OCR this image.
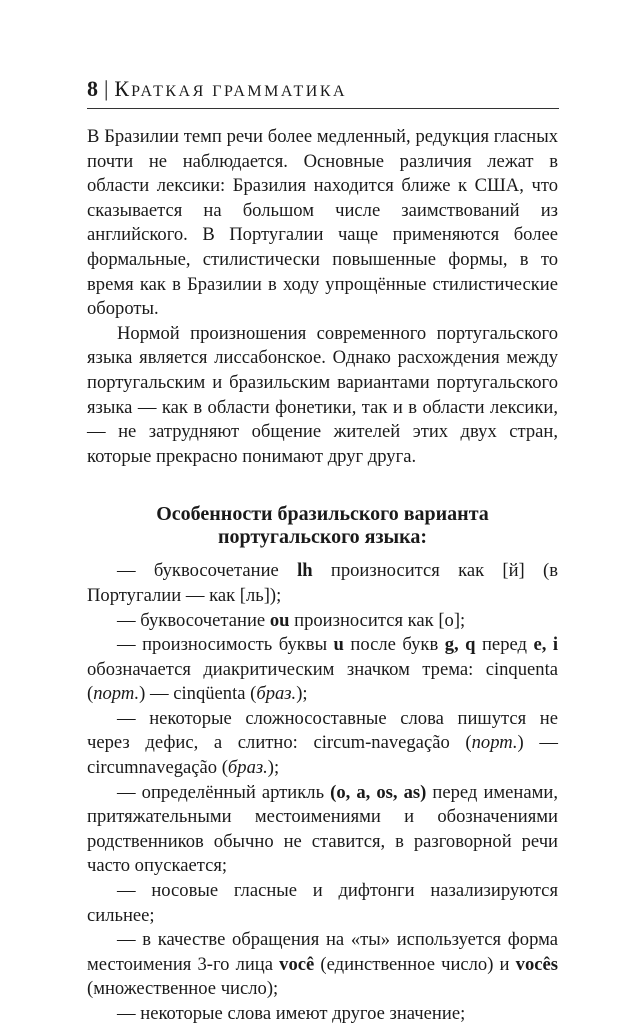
8 | КРАТКАЯ ГРАММАТИКА

В Бразилии темп речи более медленный, редукция гласных почти не наблюдается. Основные различия лежат в области лексики: Бразилия находится ближе к США, что сказывается на большом числе заимствований из английского. В Португалии чаще применяются более формальные, стилистически повышенные формы, в то время как в Бразилии в ходу упрощённые стилистические обороты.

Нормой произношения современного португальского языка является лиссабонское. Однако расхождения между португальским и бразильским вариантами португальского языка — как в области фонетики, так и в области лексики, — не затрудняют общение жителей этих двух стран, которые прекрасно понимают друг друга.

Особенности бразильского варианта
португальского языка:

— буквосочетание lh произносится как [й] (в Португалии — как [ль]);

— буквосочетание ou произносится как [о];

— произносимость буквы u после букв g, q перед e, i обозначается диакритическим значком трема: cinquenta (порт.) — cinqüenta (браз.);

— некоторые сложносоставные слова пишутся не через дефис, а слитно: circum-navegação (порт.) — circumnavegação (браз.);

— определённый артикль (o, a, os, as) перед именами, притяжательными местоимениями и обозначениями родственников обычно не ставится, в разговорной речи часто опускается;

— носовые гласные и дифтонги назализируются сильнее;

— в качестве обращения на «ты» используется форма местоимения 3-го лица você (единственное число) и vocês (множественное число);

— некоторые слова имеют другое значение;
